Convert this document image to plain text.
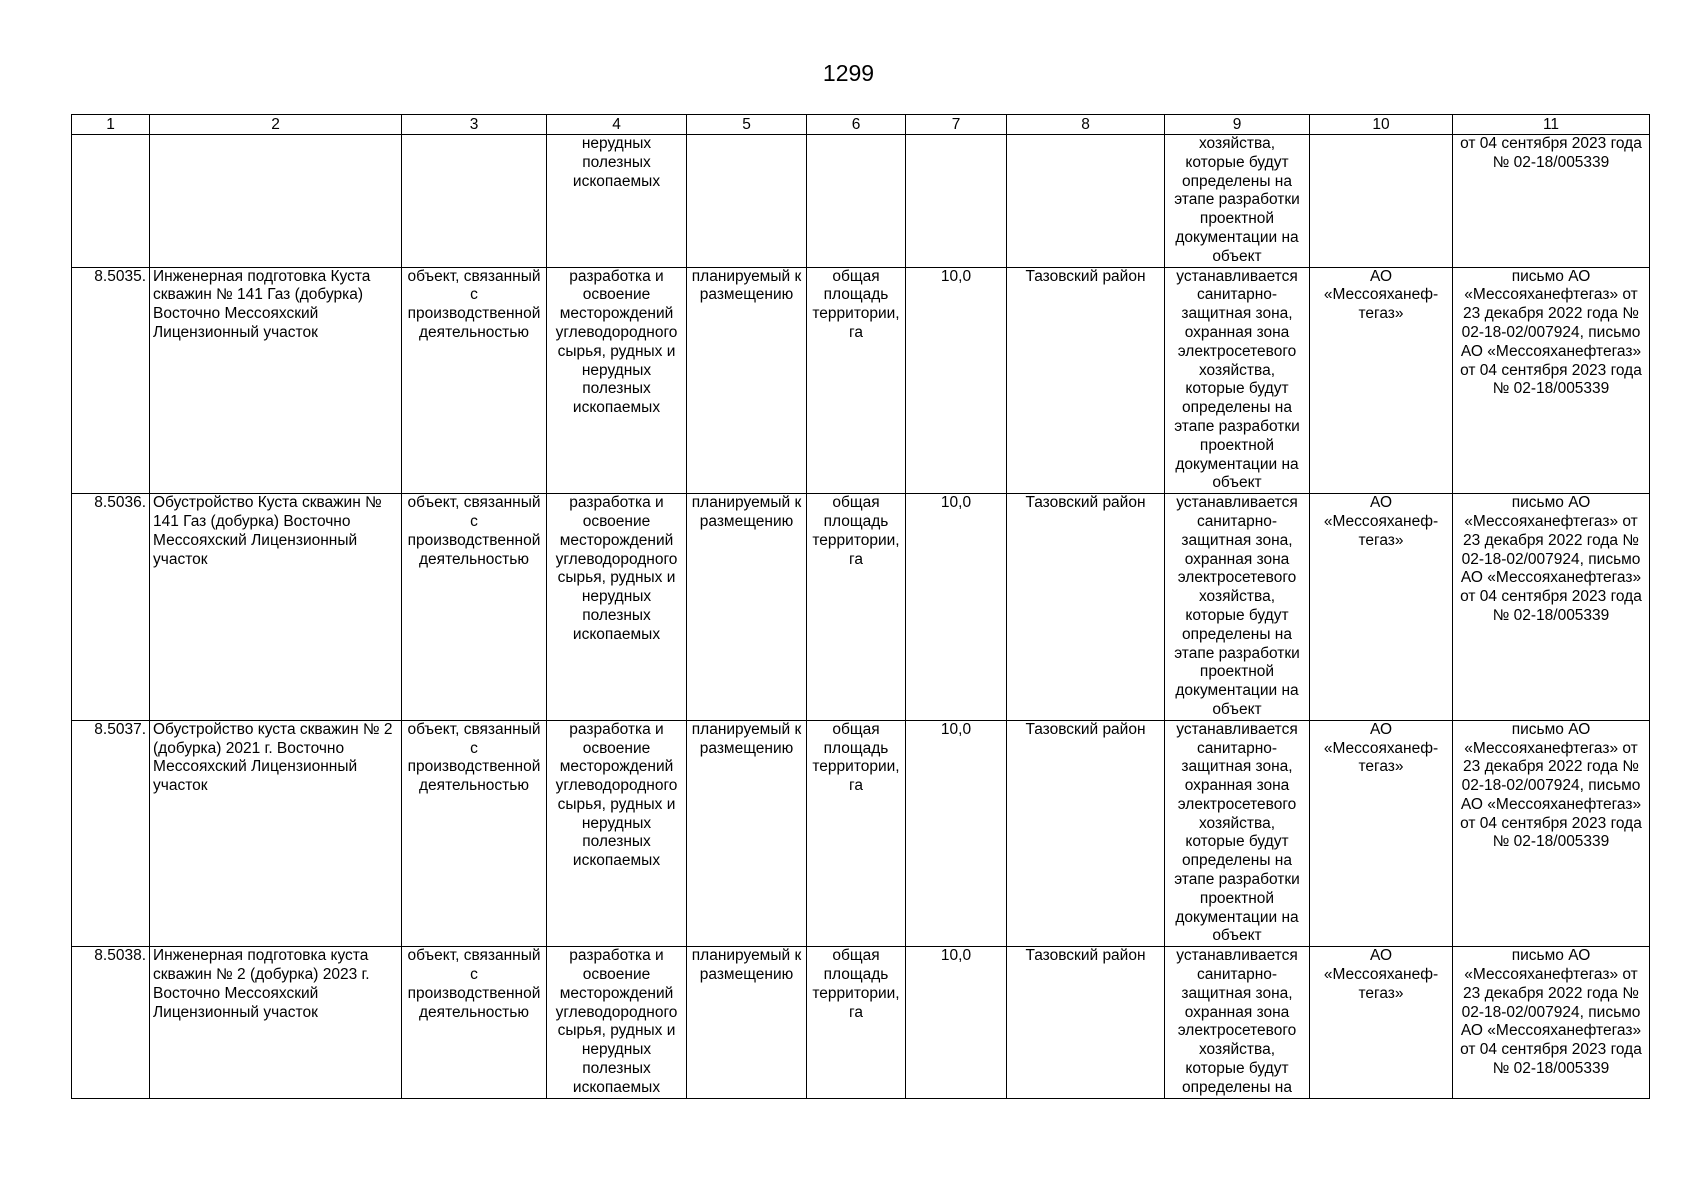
1299
1	2	3	4	5	6	7	8	9	10	11
			нерудных полезных ископаемых					хозяйства, которые будут определены на этапе разработки проектной документации на объект		от 04 сентября 2023 года № 02-18/005339
8.5035.	Инженерная подготовка Куста скважин № 141 Газ (добурка) Восточно Мессояхский Лицензионный участок	объект, связанный с производственной деятельностью	разработка и освоение месторождений углеводородного сырья, рудных и нерудных полезных ископаемых	планируемый к размещению	общая площадь территории, га	10,0	Тазовский район	устанавливается санитарно-защитная зона, охранная зона электросетевого хозяйства, которые будут определены на этапе разработки проектной документации на объект	АО «Мессояханеф-тегаз»	письмо АО «Мессояханефтегаз» от 23 декабря 2022 года № 02-18-02/007924, письмо АО «Мессояханефтегаз» от 04 сентября 2023 года № 02-18/005339
8.5036.	Обустройство Куста скважин № 141 Газ (добурка) Восточно Мессояхский Лицензионный участок	объект, связанный с производственной деятельностью	разработка и освоение месторождений углеводородного сырья, рудных и нерудных полезных ископаемых	планируемый к размещению	общая площадь территории, га	10,0	Тазовский район	устанавливается санитарно-защитная зона, охранная зона электросетевого хозяйства, которые будут определены на этапе разработки проектной документации на объект	АО «Мессояханеф-тегаз»	письмо АО «Мессояханефтегаз» от 23 декабря 2022 года № 02-18-02/007924, письмо АО «Мессояханефтегаз» от 04 сентября 2023 года № 02-18/005339
8.5037.	Обустройство куста скважин № 2 (добурка) 2021 г. Восточно Мессояхский Лицензионный участок	объект, связанный с производственной деятельностью	разработка и освоение месторождений углеводородного сырья, рудных и нерудных полезных ископаемых	планируемый к размещению	общая площадь территории, га	10,0	Тазовский район	устанавливается санитарно-защитная зона, охранная зона электросетевого хозяйства, которые будут определены на этапе разработки проектной документации на объект	АО «Мессояханеф-тегаз»	письмо АО «Мессояханефтегаз» от 23 декабря 2022 года № 02-18-02/007924, письмо АО «Мессояханефтегаз» от 04 сентября 2023 года № 02-18/005339
8.5038.	Инженерная подготовка куста скважин № 2 (добурка) 2023 г. Восточно Мессояхский Лицензионный участок	объект, связанный с производственной деятельностью	разработка и освоение месторождений углеводородного сырья, рудных и нерудных полезных ископаемых	планируемый к размещению	общая площадь территории, га	10,0	Тазовский район	устанавливается санитарно-защитная зона, охранная зона электросетевого хозяйства, которые будут определены на	АО «Мессояханеф-тегаз»	письмо АО «Мессояханефтегаз» от 23 декабря 2022 года № 02-18-02/007924, письмо АО «Мессояханефтегаз» от 04 сентября 2023 года № 02-18/005339
